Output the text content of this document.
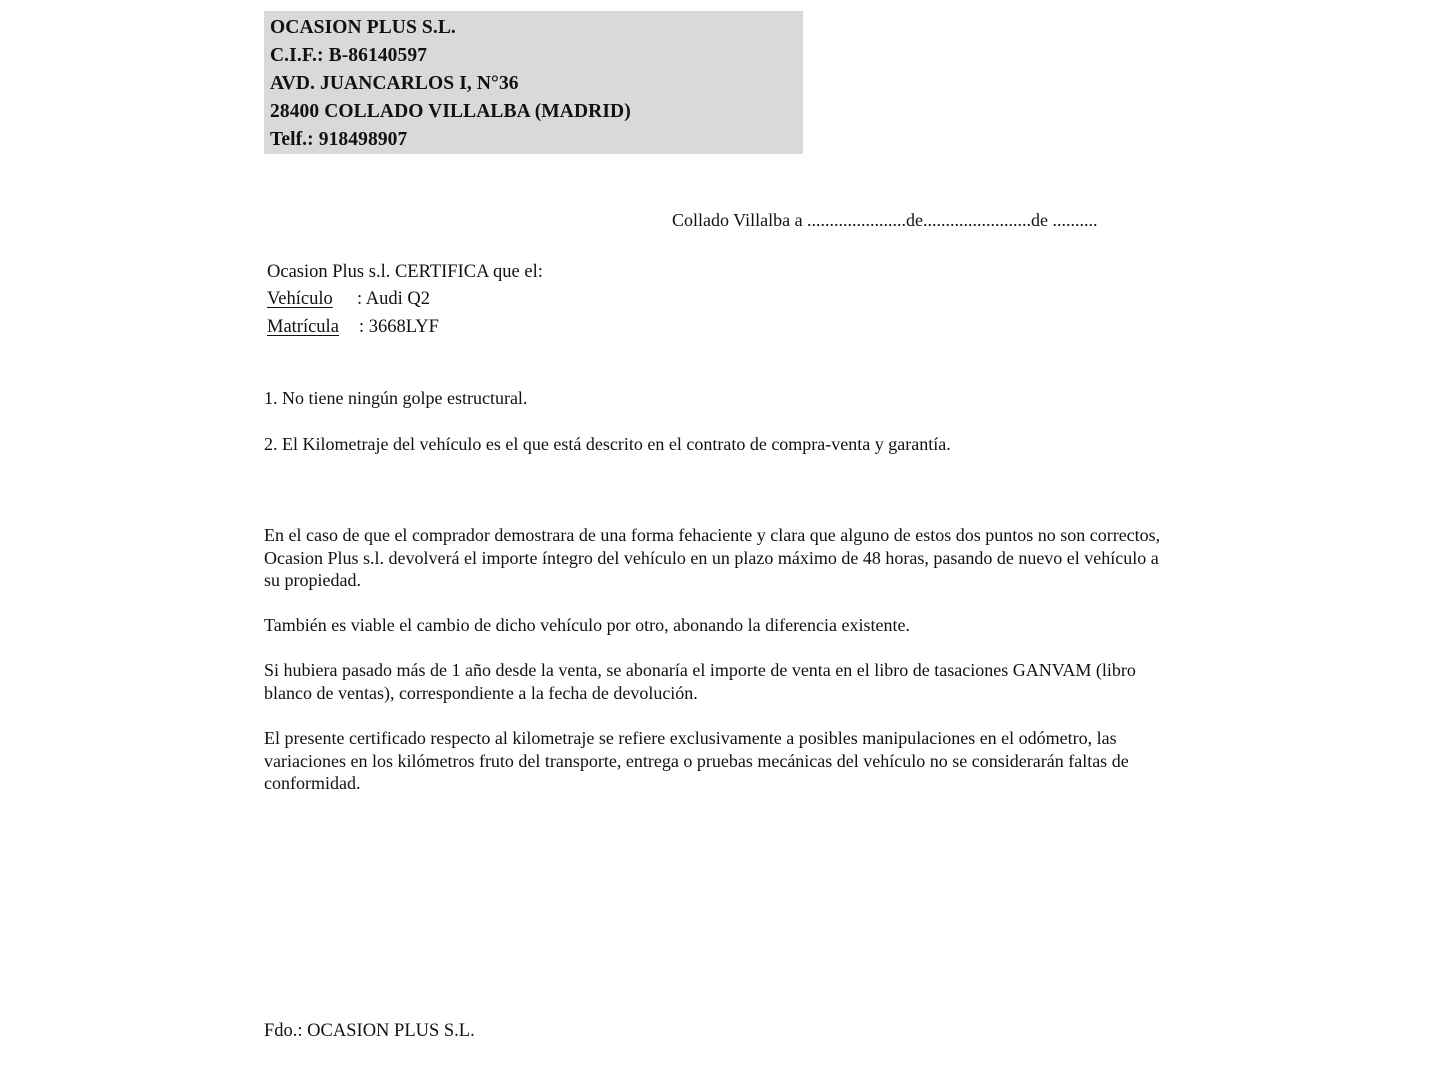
OCASION PLUS S.L.
C.I.F.: B-86140597
AVD. JUANCARLOS I, N°36
28400 COLLADO VILLALBA (MADRID)
Telf.: 918498907
Collado Villalba a ......................de........................de ..........
Ocasion Plus s.l. CERTIFICA que el:
Vehículo : Audi Q2
Matrícula : 3668LYF
1. No tiene ningún golpe estructural.
2. El Kilometraje del vehículo es el que está descrito en el contrato de compra-venta y garantía.

En el caso de que el comprador demostrara de una forma fehaciente y clara que alguno de estos dos puntos no son correctos, Ocasion Plus s.l. devolverá el importe íntegro del vehículo en un plazo máximo de 48 horas, pasando de nuevo el vehículo a su propiedad.

También es viable el cambio de dicho vehículo por otro, abonando la diferencia existente.

Si hubiera pasado más de 1 año desde la venta, se abonaría el importe de venta en el libro de tasaciones GANVAM (libro blanco de ventas), correspondiente a la fecha de devolución.

El presente certificado respecto al kilometraje se refiere exclusivamente a posibles manipulaciones en el odómetro, las variaciones en los kilómetros fruto del transporte, entrega o pruebas mecánicas del vehículo no se considerarán faltas de conformidad.

Fdo.: OCASION PLUS S.L.
